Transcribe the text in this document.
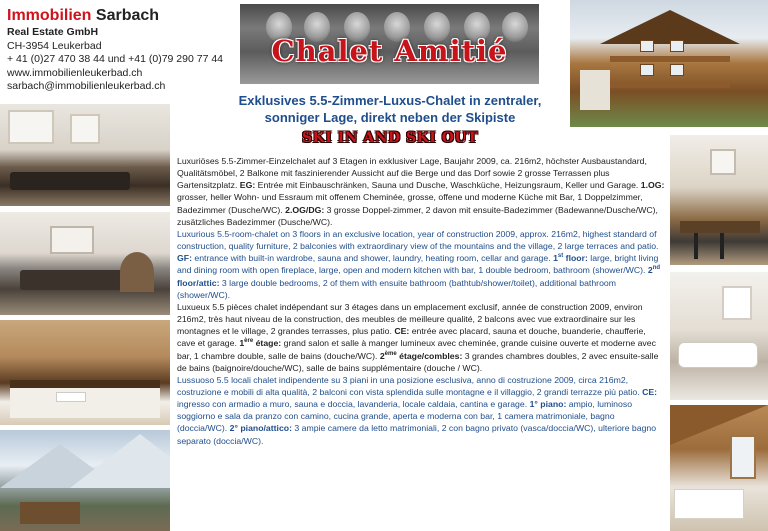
Immobilien Sarbach
Real Estate GmbH
CH-3954 Leukerbad
+ 41 (0)27 470 38 44 und +41 (0)79 290 77 44
www.immobilienleukerbad.ch
sarbach@immobilienleukerbad.ch
Chalet Amitié
Exklusives 5.5-Zimmer-Luxus-Chalet in zentraler, sonniger Lage, direkt neben der Skipiste
SKI IN AND SKI OUT

Luxuriöses 5.5-Zimmer-Einzelchalet auf 3 Etagen in exklusiver Lage, Baujahr 2009, ca. 216m2, höchster Ausbaustandard, Qualitätsmöbel, 2 Balkone mit faszinierender Aussicht auf die Berge und das Dorf sowie 2 grosse Terrassen plus Gartensitzplatz. EG: Entrée mit Einbauschränken, Sauna und Dusche, Waschküche, Heizungsraum, Keller und Garage. 1.OG: grosser, heller Wohn- und Essraum mit offenem Cheminée, grosse, offene und moderne Küche mit Bar, 1 Doppelzimmer, Badezimmer (Dusche/WC). 2.OG/DG: 3 grosse Doppel-zimmer, 2 davon mit ensuite-Badezimmer (Badewanne/Dusche/WC), zusätzliches Badezimmer (Dusche/WC).

Luxurious 5.5-room-chalet on 3 floors in an exclusive location, year of construction 2009, approx. 216m2, highest standard of construction, quality furniture, 2 balconies with extraordinary view of the mountains and the village, 2 large terraces and patio. GF: entrance with built-in wardrobe, sauna and shower, laundry, heating room, cellar and garage. 1st floor: large, bright living and dining room with open fireplace, large, open and modern kitchen with bar, 1 double bedroom, bathroom (shower/WC). 2nd floor/attic: 3 large double bedrooms, 2 of them with ensuite bathroom (bathtub/shower/toilet), additional bathroom (shower/WC).

Luxueux 5.5 pièces chalet indépendant sur 3 étages dans un emplacement exclusif, année de construction 2009, environ 216m2, très haut niveau de la construction, des meubles de meilleure qualité, 2 balcons avec vue extraordinaire sur les montagnes et le village, 2 grandes terrasses, plus patio. CE: entrée avec placard, sauna et douche, buanderie, chaufferie, cave et garage. 1ère étage: grand salon et salle à manger lumineux avec cheminée, grande cuisine ouverte et moderne avec bar, 1 chambre double, salle de bains (douche/WC). 2ème étage/combles: 3 grandes chambres doubles, 2 avec ensuite-salle de bains (baignoire/douche/WC), salle de bains supplémentaire (douche / WC).

Lussuoso 5.5 locali chalet indipendente su 3 piani in una posizione esclusiva, anno di costruzione 2009, circa 216m2, costruzione e mobili di alta qualità, 2 balconi con vista splendida sulle montagne e il villaggio, 2 grandi terrazze più patio. CE: ingresso con armadio a muro, sauna e doccia, lavanderia, locale caldaia, cantina e garage. 1° piano: ampio, luminoso soggiorno e sala da pranzo con camino, cucina grande, aperta e moderna con bar, 1 camera matrimoniale, bagno (doccia/WC). 2° piano/attico: 3 ampie camere da letto matrimoniali, 2 con bagno privato (vasca/doccia/WC), ulteriore bagno separato (doccia/WC).
